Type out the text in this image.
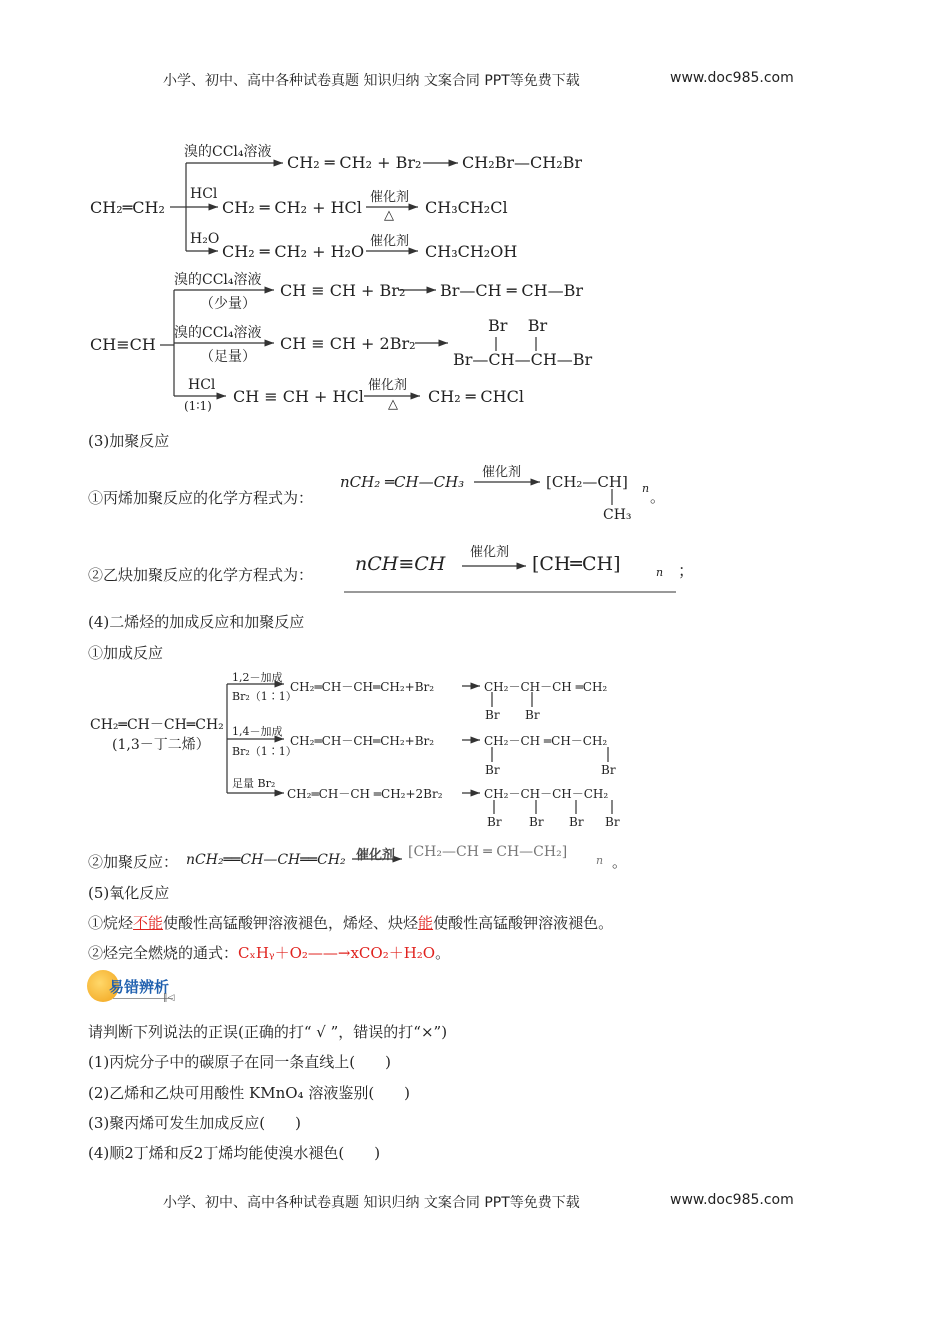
小学、初中、高中各种试卷真题 知识归纳 文案合同 PPT等免费下载	www.doc985.com
CH₂═CH₂
溴的CCl₄溶液
CH₂ ═ CH₂ + Br₂	CH₂Br—CH₂Br
HCl
CH₂ ═ CH₂ + HCl
催化剂
△ CH₃CH₂Cl
H₂O
CH₂ ═ CH₂ + H₂O
催化剂
CH₃CH₂OH
CH≡CH
溴的CCl₄溶液
（少量）
CH ≡ CH + Br₂ Br—CH ═ CH—Br
溴的CCl₄溶液
（足量）
CH ≡ CH + 2Br₂
Br    Br
Br—CH—CH—Br
HCl
(1∶1) CH ≡ CH + HCl
催化剂
△ CH₂ ═ CHCl
(3)加聚反应
①丙烯加聚反应的化学方程式为：
nCH₂ ═CH—CH₃
催化剂
[CH₂—CH] n
CH₃
。
②乙炔加聚反应的化学方程式为： nCH≡CH
催化剂
[CH═CH]	n ；
(4)二烯烃的加成反应和加聚反应
①加成反应
CH₂═CH－CH═CH₂
(1,3－丁二烯）
1,2－加成
Br₂（1∶1）
CH₂═CH－CH═CH₂+Br₂	CH₂－CH－CH ═CH₂
Br Br
1,4－加成
Br₂（1∶1）
CH₂═CH－CH═CH₂+Br₂	CH₂－CH ═CH－CH₂
Br	Br
足量 Br₂
CH₂═CH－CH ═CH₂+2Br₂	CH₂－CH－CH－CH₂
Br Br Br Br
②加聚反应： nCH₂══CH—CH══CH₂ 催化剂 [CH₂—CH ═ CH—CH₂]
n 。
(5)氧化反应
①烷烃不能使酸性高锰酸钾溶液褪色，烯烃、炔烃能使酸性高锰酸钾溶液褪色。
②烃完全燃烧的通式：CₓHᵧ＋O₂——→xCO₂＋H₂O。
易错辨析
‖◁
请判断下列说法的正误(正确的打“ √ ”，错误的打“×”)
(1)丙烷分子中的碳原子在同一条直线上(　　)
(2)乙烯和乙炔可用酸性 KMnO₄ 溶液鉴别(　　)
(3)聚丙烯可发生加成反应(　　)
(4)顺2丁烯和反2丁烯均能使溴水褪色(　　)
小学、初中、高中各种试卷真题 知识归纳 文案合同 PPT等免费下载	www.doc985.com
